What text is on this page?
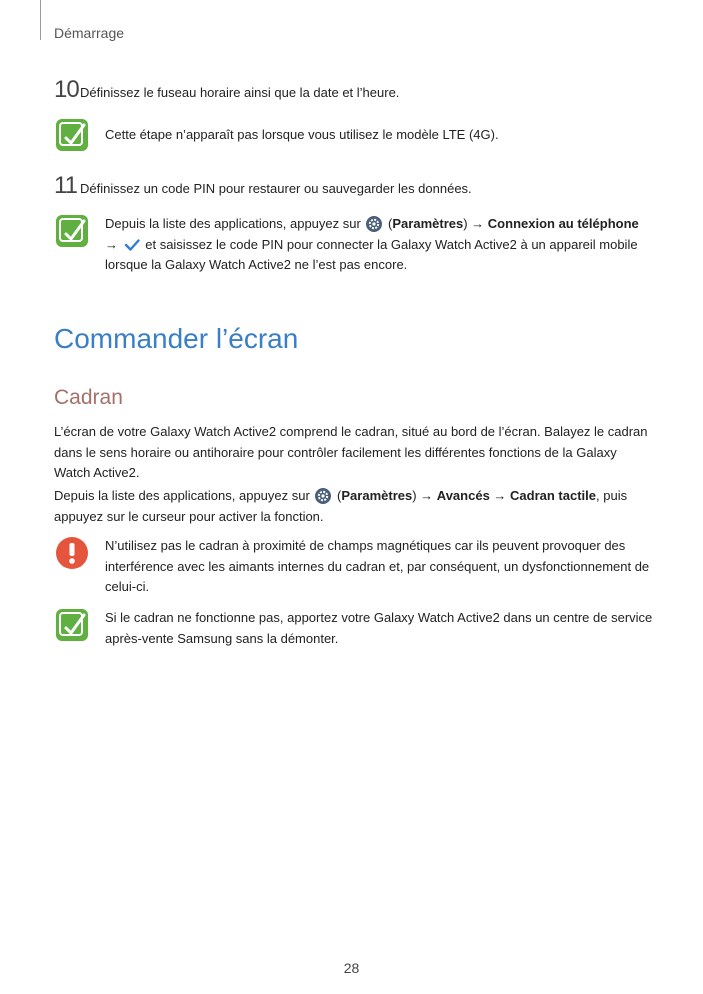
Démarrage
10 Définissez le fuseau horaire ainsi que la date et l’heure.
Cette étape n’apparaît pas lorsque vous utilisez le modèle LTE (4G).
11 Définissez un code PIN pour restaurer ou sauvegarder les données.
Depuis la liste des applications, appuyez sur  (Paramètres) → Connexion au téléphone
→  et saisissez le code PIN pour connecter la Galaxy Watch Active2 à un appareil mobile lorsque la Galaxy Watch Active2 ne l’est pas encore.
Commander l’écran
Cadran
L’écran de votre Galaxy Watch Active2 comprend le cadran, situé au bord de l’écran. Balayez le cadran dans le sens horaire ou antihoraire pour contrôler facilement les différentes fonctions de la Galaxy Watch Active2.
Depuis la liste des applications, appuyez sur  (Paramètres) → Avancés → Cadran tactile, puis appuyez sur le curseur pour activer la fonction.
N’utilisez pas le cadran à proximité de champs magnétiques car ils peuvent provoquer des interférence avec les aimants internes du cadran et, par conséquent, un dysfonctionnement de celui-ci.
Si le cadran ne fonctionne pas, apportez votre Galaxy Watch Active2 dans un centre de service après-vente Samsung sans la démonter.
28
